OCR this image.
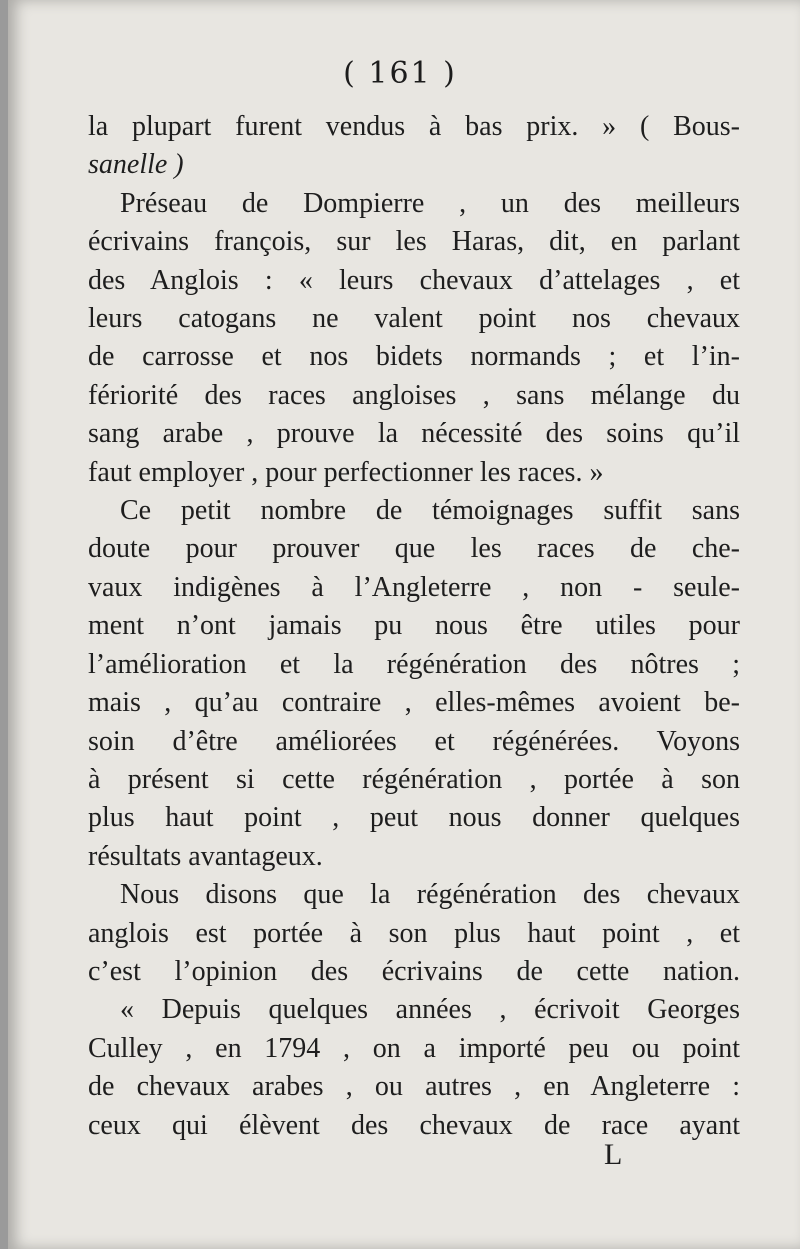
( 161 )
la plupart furent vendus à bas prix. » ( Bous-
sanelle )
Préseau de Dompierre , un des meilleurs
écrivains françois, sur les Haras, dit, en parlant
des Anglois : « leurs chevaux d’attelages , et
leurs catogans ne valent point nos chevaux
de carrosse et nos bidets normands ; et l’in-
fériorité des races angloises , sans mélange du
sang arabe , prouve la nécessité des soins qu’il
faut employer , pour perfectionner les races. »
Ce petit nombre de témoignages suffit sans
doute pour prouver que les races de che-
vaux indigènes à l’Angleterre , non - seule-
ment n’ont jamais pu nous être utiles pour
l’amélioration et la régénération des nôtres ;
mais , qu’au contraire , elles-mêmes avoient be-
soin d’être améliorées et régénérées. Voyons
à présent si cette régénération , portée à son
plus haut point , peut nous donner quelques
résultats avantageux.
Nous disons que la régénération des chevaux
anglois est portée à son plus haut point , et
c’est l’opinion des écrivains de cette nation.
« Depuis quelques années , écrivoit Georges
Culley , en 1794 , on a importé peu ou point
de chevaux arabes , ou autres , en Angleterre :
ceux qui élèvent des chevaux de race ayant
L
